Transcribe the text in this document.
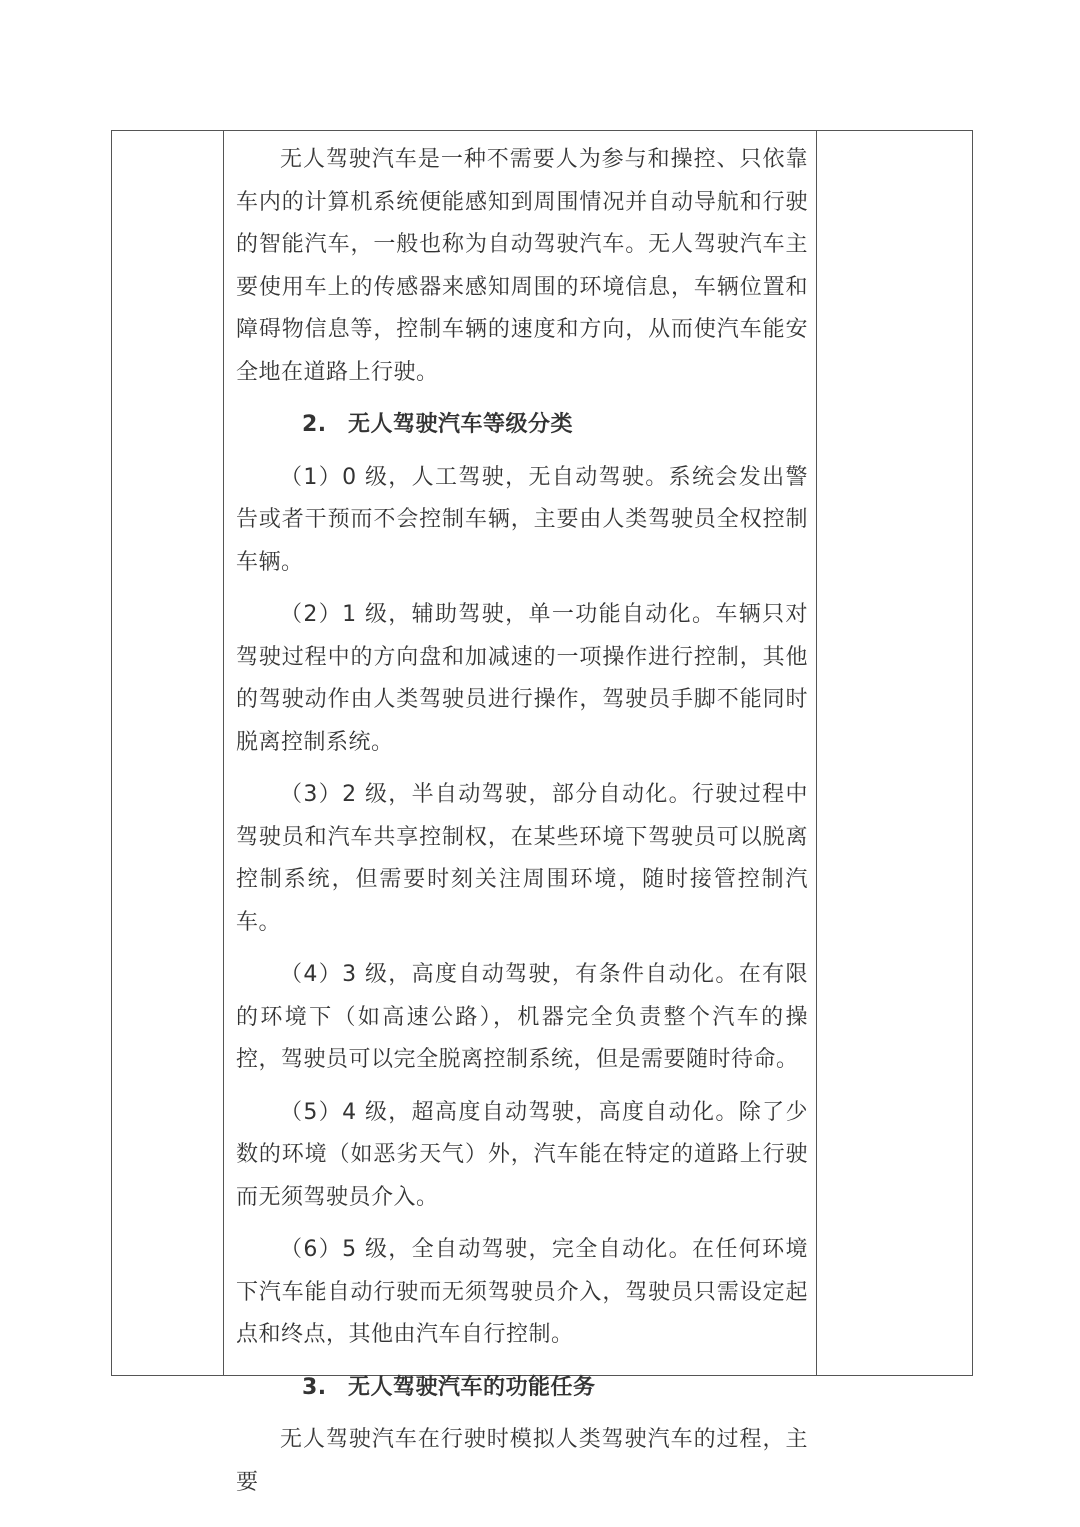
无人驾驶汽车是一种不需要人为参与和操控、只依靠车内的计算机系统便能感知到周围情况并自动导航和行驶的智能汽车，一般也称为自动驾驶汽车。无人驾驶汽车主要使用车上的传感器来感知周围的环境信息，车辆位置和障碍物信息等，控制车辆的速度和方向，从而使汽车能安全地在道路上行驶。

2. 无人驾驶汽车等级分类

（1）0 级，人工驾驶，无自动驾驶。系统会发出警告或者干预而不会控制车辆，主要由人类驾驶员全权控制车辆。

（2）1 级，辅助驾驶，单一功能自动化。车辆只对驾驶过程中的方向盘和加减速的一项操作进行控制，其他的驾驶动作由人类驾驶员进行操作，驾驶员手脚不能同时脱离控制系统。

（3）2 级，半自动驾驶，部分自动化。行驶过程中驾驶员和汽车共享控制权，在某些环境下驾驶员可以脱离控制系统，但需要时刻关注周围环境，随时接管控制汽车。

（4）3 级，高度自动驾驶，有条件自动化。在有限的环境下（如高速公路），机器完全负责整个汽车的操控，驾驶员可以完全脱离控制系统，但是需要随时待命。

（5）4 级，超高度自动驾驶，高度自动化。除了少数的环境（如恶劣天气）外，汽车能在特定的道路上行驶而无须驾驶员介入。

（6）5 级，全自动驾驶，完全自动化。在任何环境下汽车能自动行驶而无须驾驶员介入，驾驶员只需设定起点和终点，其他由汽车自行控制。

3. 无人驾驶汽车的功能任务

无人驾驶汽车在行驶时模拟人类驾驶汽车的过程，主要
